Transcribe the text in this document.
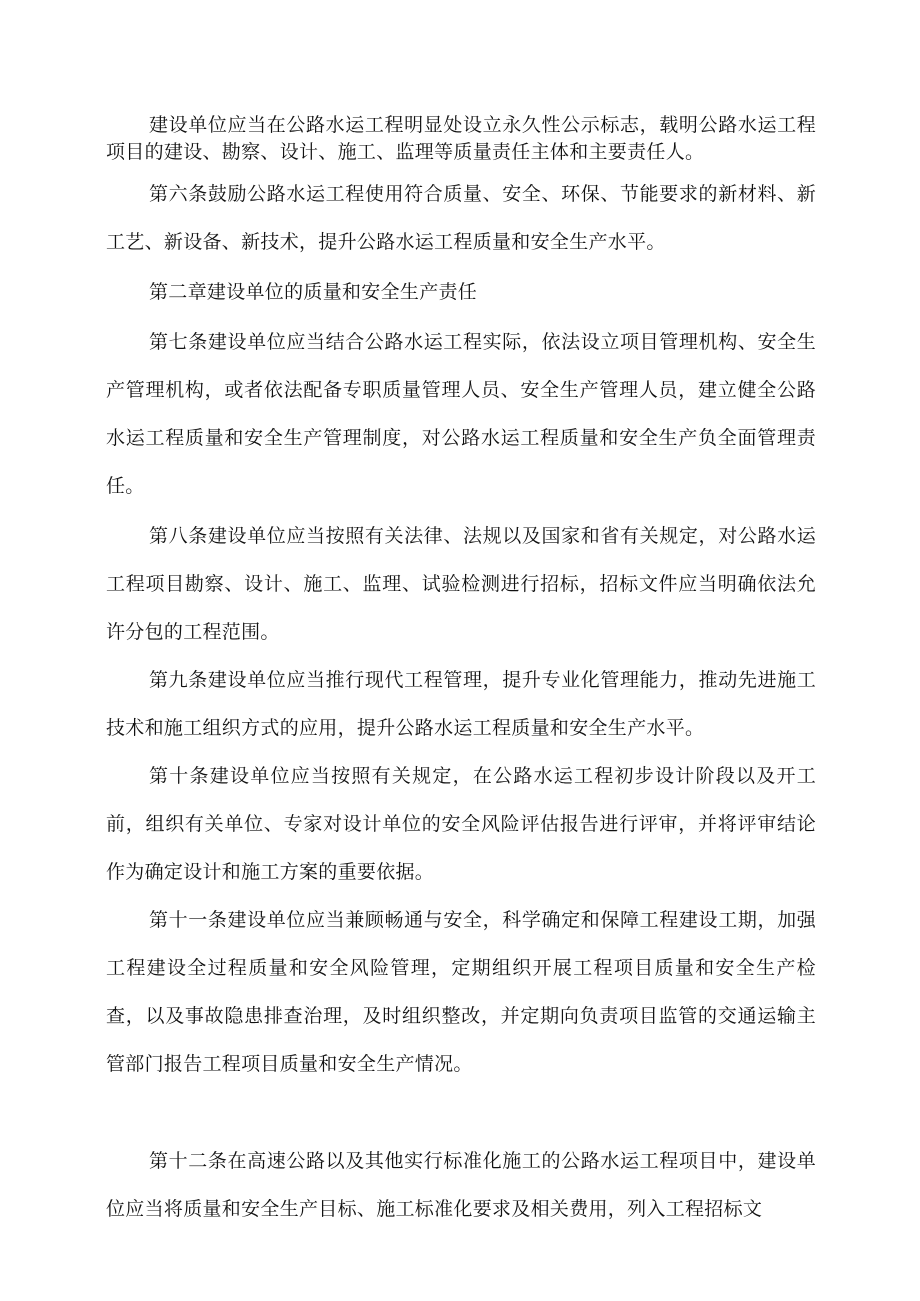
建设单位应当在公路水运工程明显处设立永久性公示标志，载明公路水运工程项目的建设、勘察、设计、施工、监理等质量责任主体和主要责任人。

第六条鼓励公路水运工程使用符合质量、安全、环保、节能要求的新材料、新工艺、新设备、新技术，提升公路水运工程质量和安全生产水平。

第二章建设单位的质量和安全生产责任

第七条建设单位应当结合公路水运工程实际，依法设立项目管理机构、安全生产管理机构，或者依法配备专职质量管理人员、安全生产管理人员，建立健全公路水运工程质量和安全生产管理制度，对公路水运工程质量和安全生产负全面管理责任。

第八条建设单位应当按照有关法律、法规以及国家和省有关规定，对公路水运工程项目勘察、设计、施工、监理、试验检测进行招标，招标文件应当明确依法允许分包的工程范围。

第九条建设单位应当推行现代工程管理，提升专业化管理能力，推动先进施工技术和施工组织方式的应用，提升公路水运工程质量和安全生产水平。

第十条建设单位应当按照有关规定，在公路水运工程初步设计阶段以及开工前，组织有关单位、专家对设计单位的安全风险评估报告进行评审，并将评审结论作为确定设计和施工方案的重要依据。

第十一条建设单位应当兼顾畅通与安全，科学确定和保障工程建设工期，加强工程建设全过程质量和安全风险管理，定期组织开展工程项目质量和安全生产检查，以及事故隐患排查治理，及时组织整改，并定期向负责项目监管的交通运输主管部门报告工程项目质量和安全生产情况。

第十二条在高速公路以及其他实行标准化施工的公路水运工程项目中，建设单位应当将质量和安全生产目标、施工标准化要求及相关费用，列入工程招标文
